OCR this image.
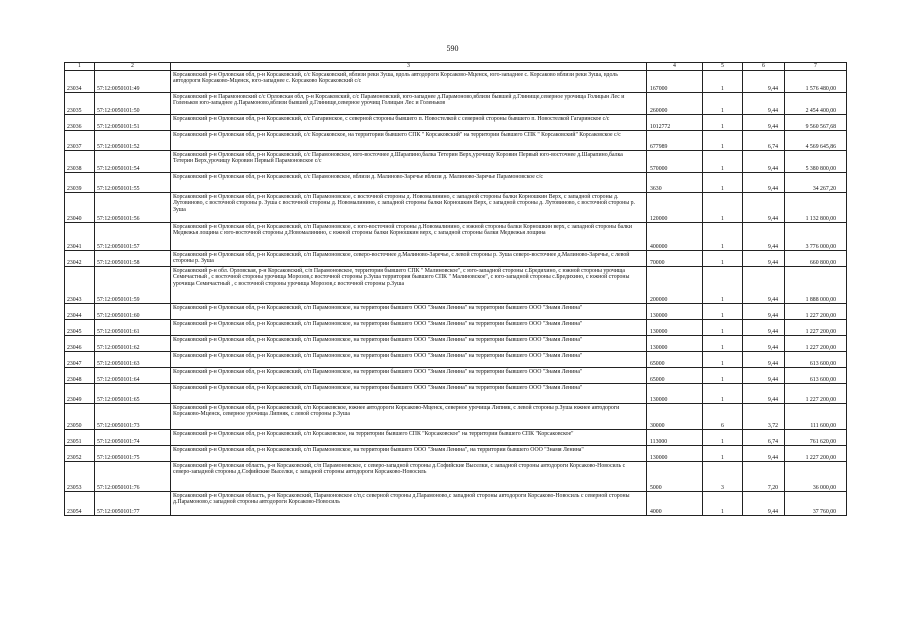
590
1	2	3	4	5	6	7
23034	57:12:0050101:49	Корсаковский р-н Орловская обл, р-н Корсаковский, с/с Корсаковский, вблизи реки Зуша, вдоль автодороги Корсаково-Мценск, юго-западнее с. Корсаково вблизи реки Зуша, вдоль автодороги Корсаково-Мценск, юго-западнее с. Корсаково Корсаковский с/с	167000	1	9,44	1 576 480,00
23035	57:12:0050101:50	Корсаковский р-н Парамоновский с/с Орловская обл, р-н Корсаковский, с/с Парамоновский, юго-западнее д.Парамоново,вблизи бывшей д.Глинище,северное урочища Голицын Лес и Голеньков юго-западнее д.Парамоново,вблизи бывшей д.Глинище,северное урочищ Голицын Лес и Голеньков	260000	1	9,44	2 454 400,00
23036	57:12:0050101:51	Корсаковский р-н Орловская обл, р-н Корсаковский, с/с Гагаринское, с северной стороны бывшего п. Новостелкой с северной стороны бывшего п. Новостелкой Гагаринское с/с	1012772	1	9,44	9 560 567,68
23037	57:12:0050101:52	Корсаковский р-н Орловская обл, р-н Корсаковский, с/с Корсаковское, на территории бывшего СПК " Корсаковский" на территории бывшего СПК " Корсаковский" Корсаковское с/с	677989	1	6,74	4 569 645,86
23038	57:12:0050101:54	Корсаковский р-н Орловская обл, р-н Корсаковский, с/с Парамоновское, юго-восточнее д.Шарапино,балка Тетерин Верх,урочищу Коровин Первый юго-восточнее д.Шарапино,балка Тетерин Верх,урочищу Коровин Первый Парамоновское с/с	570000	1	9,44	5 380 800,00
23039	57:12:0050101:55	Корсаковский р-н Орловская обл, р-н Корсаковский, с/с Парамоновское, вблизи д. Малиново-Заречье вблизи д. Малиново-Заречье Парамоновское с/с	3630	1	9,44	34 267,20
23040	57:12:0050101:56	Корсаковский р-н Орловская обл, р-н Корсаковский, с/п Парамоновское, с восточной стороны д. Новомалинино, с западной стороны балки Корношкин Верх, с западной стороны д. Лутовиново, с восточной стороны р. Зуша с восточной стороны д. Новомалинино, с западной стороны балки Корношкин Верх, с западной стороны д. Лутовиново, с восточной стороны р. Зуша	120000	1	9,44	1 132 800,00
23041	57:12:0050101:57	Корсаковский р-н Орловская обл, р-н Корсаковский, с/п Парамоновское, с юго-восточной стороны д.Новомалинино, с южной стороны балки Корношкин верх, с западной стороны балки Медвежья лощина с юго-восточной стороны д.Новомалинино, с южной стороны балки Корношкин верх, с западной стороны балки Медвежья лощина	400000	1	9,44	3 776 000,00
23042	57:12:0050101:58	Корсаковский р-н Орловская обл, р-н Корсаковский, с/п Парамоновское, северо-восточнее д.Малиново-Заречье, с левой стороны р. Зуша северо-восточнее д.Малиново-Заречье, с левой стороны р. Зуша	70000	1	9,44	660 800,00
23043	57:12:0050101:59	Корсаковский р-н обл. Орловская, р-н Корсаковский, с/п Парамоновское, территория бывшего СПК " Малиновское", с юго-западной стороны с.Бредихино, с южной стороны урочища Семичастный , с восточной стороны урочища Морозов,с восточной стороны р.Зуша территория бывшего СПК " Малиновское", с юго-западной стороны с.Бредихино, с южной стороны урочища Семичастный , с восточной стороны урочища Морозов,с восточной стороны р.Зуша	200000	1	9,44	1 888 000,00
23044	57:12:0050101:60	Корсаковский р-н Орловская обл, р-н Корсаковский, с/п Парамоновское, на территории бывшего ООО "Знамя Ленина" на территории бывшего ООО "Знамя Ленина"	130000	1	9,44	1 227 200,00
23045	57:12:0050101:61	Корсаковский р-н Орловская обл, р-н Корсаковский, с/п Парамоновское, на территории бывшего ООО "Знамя Ленина" на территории бывшего ООО "Знамя Ленина"	130000	1	9,44	1 227 200,00
23046	57:12:0050101:62	Корсаковский р-н Орловская обл, р-н Корсаковский, с/п Парамоновское, на территории бывшего ООО "Знамя Ленина" на территории бывшего ООО "Знамя Ленина"	130000	1	9,44	1 227 200,00
23047	57:12:0050101:63	Корсаковский р-н Орловская обл, р-н Корсаковский, с/п Парамоновское, на территории бывшего ООО "Знамя Ленина" на территории бывшего ООО "Знамя Ленина"	65000	1	9,44	613 600,00
23048	57:12:0050101:64	Корсаковский р-н Орловская обл, р-н Корсаковский, с/п Парамоновское, на территории бывшего ООО "Знамя Ленина" на территории бывшего ООО "Знамя Ленина"	65000	1	9,44	613 600,00
23049	57:12:0050101:65	Корсаковский р-н Орловская обл, р-н Корсаковский, с/п Парамоновское, на территории бывшего ООО "Знамя Ленина" на территории бывшего ООО "Знамя Ленина"	130000	1	9,44	1 227 200,00
23050	57:12:0050101:73	Корсаковский р-н Орловская обл, р-н Корсаковский, с/п Корсаковское, южнее автодороги Корсаково-Мценск, северное урочища Липняк, с левой стороны р.Зуша южнее автодороги Корсаково-Мценск, северное урочища Липняк, с левой стороны р.Зуша	30000	6	3,72	111 600,00
23051	57:12:0050101:74	Корсаковский р-н Орловская обл, р-н Корсаковский, с/п Корсаковское, на территории бывшего СПК "Корсаковское" на территории бывшего СПК "Корсаковское"	113000	1	6,74	761 620,00
23052	57:12:0050101:75	Корсаковский р-н Орловская обл, р-н Корсаковский, с/п Парамоновское, на территории бывшего ООО "Знамя Ленина", на территории бывшего ООО "Знамя Ленина"	130000	1	9,44	1 227 200,00
23053	57:12:0050101:76	Корсаковский р-н Орловская область, р-н Корсаковский, с/п Парамоновское, с северо-западной стороны д.Софийские Выселки, с западной стороны автодороги Корсаково-Новосиль с северо-западной стороны д.Софийские Выселки, с западной стороны автодороги Корсаково-Новосиль	5000	3	7,20	36 000,00
23054	57:12:0050101:77	Корсаковский р-н Орловская область, р-н Корсаковский, Парамоновское с/п,с северной стороны д.Парамоново,с западной стороны автодороги Корсаково-Новосиль с северной стороны д.Парамоново,с западной стороны автодороги Корсаково-Новосиль	4000	1	9,44	37 760,00
